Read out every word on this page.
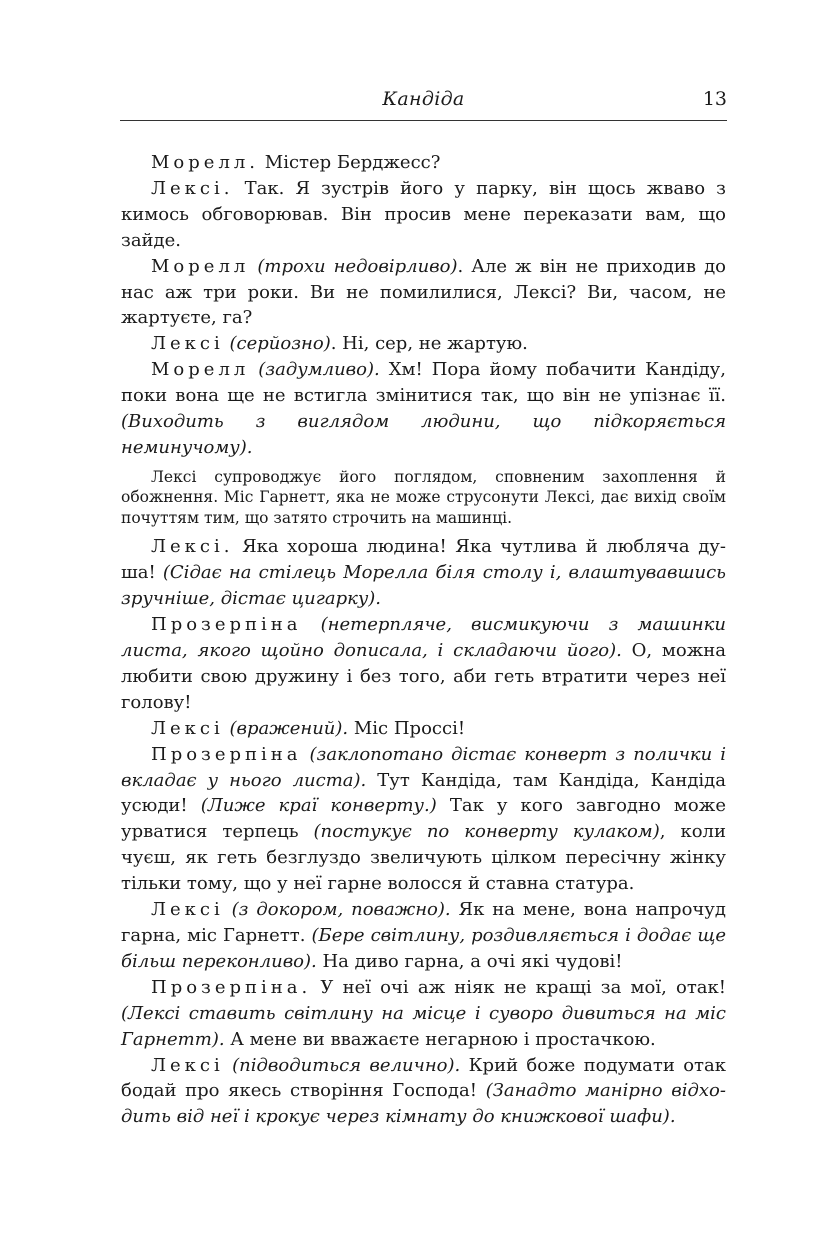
Кандіда	13

Морелл. Містер Берджесс?

Лексі. Так. Я зустрів його у парку, він щось жваво з кимось обговорював. Він просив мене переказати вам, що зайде.

Морелл (трохи недовірливо). Але ж він не приходив до нас аж три роки. Ви не помилилися, Лексі? Ви, часом, не жартуєте, га?

Лексі (серйозно). Ні, сер, не жартую.

Морелл (задумливо). Хм! Пора йому побачити Кандіду, поки вона ще не встигла змінитися так, що він не упізнає її. (Виходить з виглядом людини, що підкоряється неминучому).

Лексі супроводжує його поглядом, сповненим захоплення й обожнення. Міс Гарнетт, яка не може струсонути Лексі, дає вихід своїм почуттям тим, що затято строчить на машинці.

Лексі. Яка хороша людина! Яка чутлива й любляча душа! (Сідає на стілець Морелла біля столу і, влаштувавшись зручніше, дістає цигарку).

Прозерпіна (нетерпляче, висмикуючи з машинки листа, якого щойно дописала, і складаючи його). О, можна любити свою дружину і без того, аби геть втратити через неї голову!

Лексі (вражений). Міс Проссі!

Прозерпіна (заклопотано дістає конверт з полички і вкладає у нього листа). Тут Кандіда, там Кандіда, Кандіда усюди! (Лиже краї конверту.) Так у кого завгодно може урватися терпець (постукує по конверту кулаком), коли чуєш, як геть безглуздо звеличують цілком пересічну жінку тільки тому, що у неї гарне волосся й ставна статура.

Лексі (з докором, поважно). Як на мене, вона напрочуд гарна, міс Гарнетт. (Бере світлину, роздивляється і додає ще більш переконливо). На диво гарна, а очі які чудові!

Прозерпіна. У неї очі аж ніяк не кращі за мої, отак! (Лексі ставить світлину на місце і суворо дивиться на міс Гарнетт). А мене ви вважаєте негарною і простачкою.

Лексі (підводиться велично). Крий боже подумати отак бодай про якесь створіння Господа! (Занадто манірно відходить від неї і крокує через кімнату до книжкової шафи).
